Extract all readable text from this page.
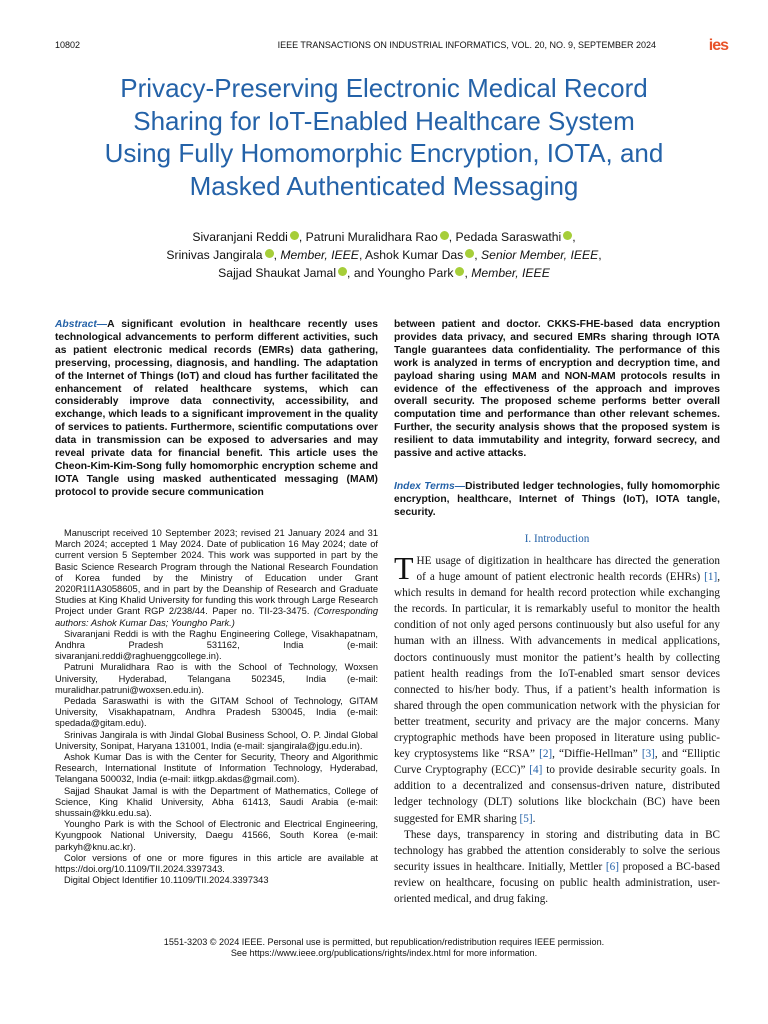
10802	IEEE TRANSACTIONS ON INDUSTRIAL INFORMATICS, VOL. 20, NO. 9, SEPTEMBER 2024	ies
Privacy-Preserving Electronic Medical Record
Sharing for IoT-Enabled Healthcare System
Using Fully Homomorphic Encryption, IOTA, and
Masked Authenticated Messaging
Sivaranjani Reddi , Patruni Muralidhara Rao , Pedada Saraswathi ,
Srinivas Jangirala , Member, IEEE, Ashok Kumar Das , Senior Member, IEEE,
Sajjad Shaukat Jamal , and Youngho Park , Member, IEEE
Abstract—A significant evolution in healthcare recently uses technological advancements to perform different activities, such as patient electronic medical records (EMRs) data gathering, preserving, processing, diagnosis, and handling. The adaptation of the Internet of Things (IoT) and cloud has further facilitated the enhancement of related healthcare systems, which can considerably improve data connectivity, accessibility, and exchange, which leads to a significant improvement in the quality of services to patients. Furthermore, scientific computations over data in transmission can be exposed to adversaries and may reveal private data for financial benefit. This article uses the Cheon-Kim-Kim-Song fully homomorphic encryption scheme and IOTA Tangle using masked authenticated messaging (MAM) protocol to provide secure communication
between patient and doctor. CKKS-FHE-based data encryption provides data privacy, and secured EMRs sharing through IOTA Tangle guarantees data confidentiality. The performance of this work is analyzed in terms of encryption and decryption time, and payload sharing using MAM and NON-MAM protocols results in evidence of the effectiveness of the approach and improves overall security. The proposed scheme performs better overall computation time and performance than other relevant schemes. Further, the security analysis shows that the proposed system is resilient to data immutability and integrity, forward secrecy, and passive and active attacks.
Index Terms—Distributed ledger technologies, fully homomorphic encryption, healthcare, Internet of Things (IoT), IOTA tangle, security.
I. Introduction

THE usage of digitization in healthcare has directed the generation of a huge amount of patient electronic health records (EHRs) [1], which results in demand for health record protection while exchanging the records. In particular, it is remarkably useful to monitor the health condition of not only aged persons continuously but also useful for any human with an illness. With advancements in medical applications, doctors continuously must monitor the patient’s health by collecting patient health readings from the IoT-enabled smart sensor devices connected to his/her body. Thus, if a patient’s health information is shared through the open communication network with the physician for better treatment, security and privacy are the major concerns. Many cryptographic methods have been proposed in literature using public-key cryptosystems like “RSA” [2], “Diffie-Hellman” [3], and “Elliptic Curve Cryptography (ECC)” [4] to provide desirable security goals. In addition to a decentralized and consensus-driven nature, distributed ledger technology (DLT) solutions like blockchain (BC) have been suggested for EMR sharing [5].

These days, transparency in storing and distributing data in BC technology has grabbed the attention considerably to solve the serious security issues in healthcare. Initially, Mettler [6] proposed a BC-based review on healthcare, focusing on public health administration, user-oriented medical, and drug faking.

Manuscript received 10 September 2023; revised 21 January 2024 and 31 March 2024; accepted 1 May 2024. Date of publication 16 May 2024; date of current version 5 September 2024. This work was supported in part by the Basic Science Research Program through the National Research Foundation of Korea funded by the Ministry of Education under Grant 2020R1I1A3058605, and in part by the Deanship of Research and Graduate Studies at King Khalid University for funding this work through Large Research Project under Grant RGP 2/238/44. Paper no. TII-23-3475. (Corresponding authors: Ashok Kumar Das; Youngho Park.)

Sivaranjani Reddi is with the Raghu Engineering College, Visakhapatnam, Andhra Pradesh 531162, India (e-mail: sivaranjani.reddi@raghuenggcollege.in).

Patruni Muralidhara Rao is with the School of Technology, Woxsen University, Hyderabad, Telangana 502345, India (e-mail: muralidhar.patruni@woxsen.edu.in).

Pedada Saraswathi is with the GITAM School of Technology, GITAM University, Visakhapatnam, Andhra Pradesh 530045, India (e-mail: spedada@gitam.edu).

Srinivas Jangirala is with Jindal Global Business School, O. P. Jindal Global University, Sonipat, Haryana 131001, India (e-mail: sjangirala@jgu.edu.in).

Ashok Kumar Das is with the Center for Security, Theory and Algorithmic Research, International Institute of Information Technology, Hyderabad, Telangana 500032, India (e-mail: iitkgp.akdas@gmail.com).

Sajjad Shaukat Jamal is with the Department of Mathematics, College of Science, King Khalid University, Abha 61413, Saudi Arabia (e-mail: shussain@kku.edu.sa).

Youngho Park is with the School of Electronic and Electrical Engineering, Kyungpook National University, Daegu 41566, South Korea (e-mail: parkyh@knu.ac.kr).

Color versions of one or more figures in this article are available at https://doi.org/10.1109/TII.2024.3397343.

Digital Object Identifier 10.1109/TII.2024.3397343

1551-3203 © 2024 IEEE. Personal use is permitted, but republication/redistribution requires IEEE permission.
See https://www.ieee.org/publications/rights/index.html for more information.
